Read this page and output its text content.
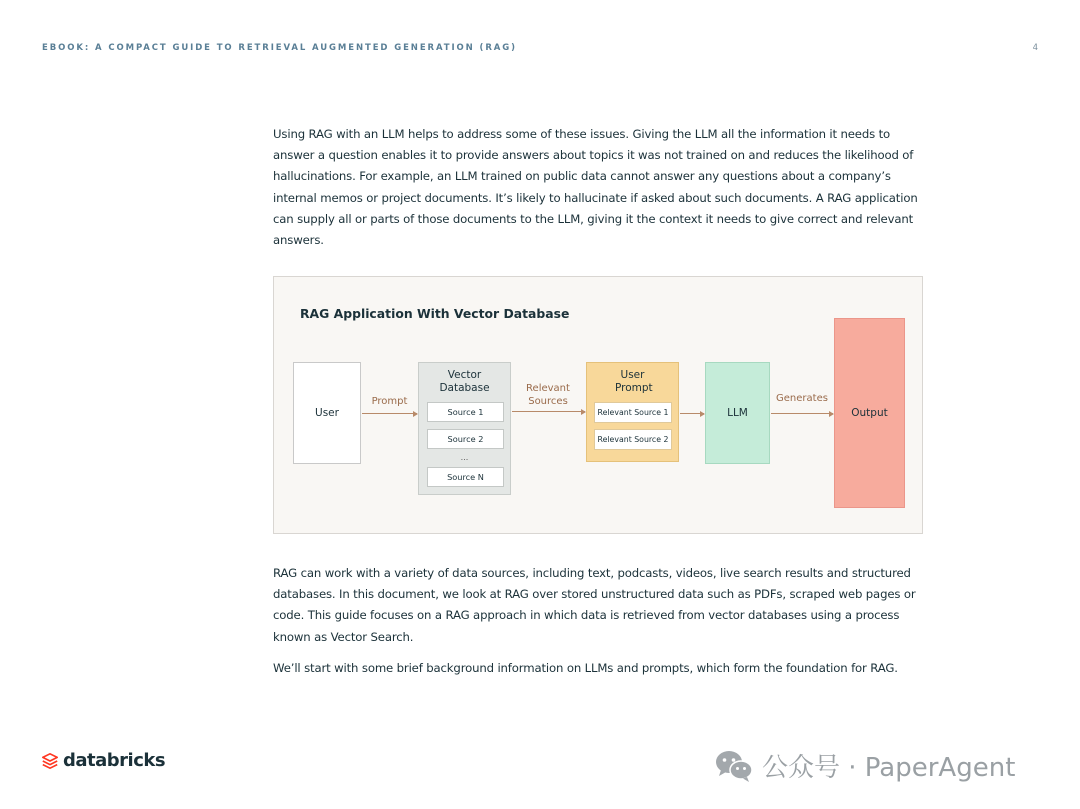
EBOOK: A COMPACT GUIDE TO RETRIEVAL AUGMENTED GENERATION (RAG)	4

Using RAG with an LLM helps to address some of these issues. Giving the LLM all the information it needs to answer a question enables it to provide answers about topics it was not trained on and reduces the likelihood of hallucinations. For example, an LLM trained on public data cannot answer any questions about a company’s internal memos or project documents. It’s likely to hallucinate if asked about such documents. A RAG application can supply all or parts of those documents to the LLM, giving it the context it needs to give correct and relevant answers.

RAG Application With Vector Database
User
Prompt
Vector Database
Source 1
Source 2
...
Source N
Relevant Sources
User Prompt
Relevant Source 1
Relevant Source 2
LLM
Generates
Output

RAG can work with a variety of data sources, including text, podcasts, videos, live search results and structured databases. In this document, we look at RAG over stored unstructured data such as PDFs, scraped web pages or code. This guide focuses on a RAG approach in which data is retrieved from vector databases using a process known as Vector Search.

We’ll start with some brief background information on LLMs and prompts, which form the foundation for RAG.

databricks	公众号 · PaperAgent
